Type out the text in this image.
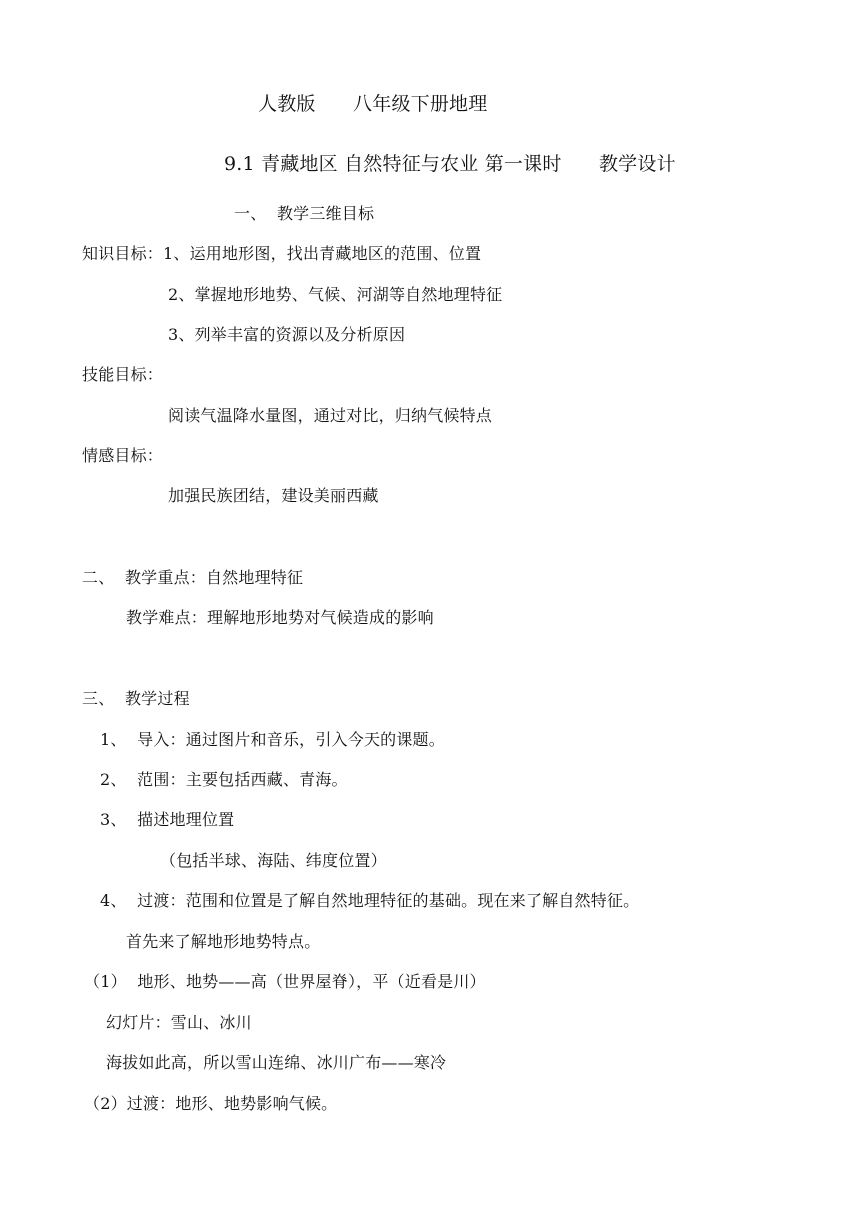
人教版      八年级下册地理
9.1 青藏地区 自然特征与农业 第一课时      教学设计
一、  教学三维目标
知识目标：1、运用地形图，找出青藏地区的范围、位置
2、掌握地形地势、气候、河湖等自然地理特征
3、列举丰富的资源以及分析原因
技能目标：
阅读气温降水量图，通过对比，归纳气候特点
情感目标：
加强民族团结，建设美丽西藏
二、  教学重点：自然地理特征
教学难点：理解地形地势对气候造成的影响
三、  教学过程
1、  导入：通过图片和音乐，引入今天的课题。
2、  范围：主要包括西藏、青海。
3、  描述地理位置
（包括半球、海陆、纬度位置）
4、  过渡：范围和位置是了解自然地理特征的基础。现在来了解自然特征。
首先来了解地形地势特点。
（1）  地形、地势——高（世界屋脊），平（近看是川）
幻灯片：雪山、冰川
海拔如此高，所以雪山连绵、冰川广布——寒冷
（2）过渡：地形、地势影响气候。
